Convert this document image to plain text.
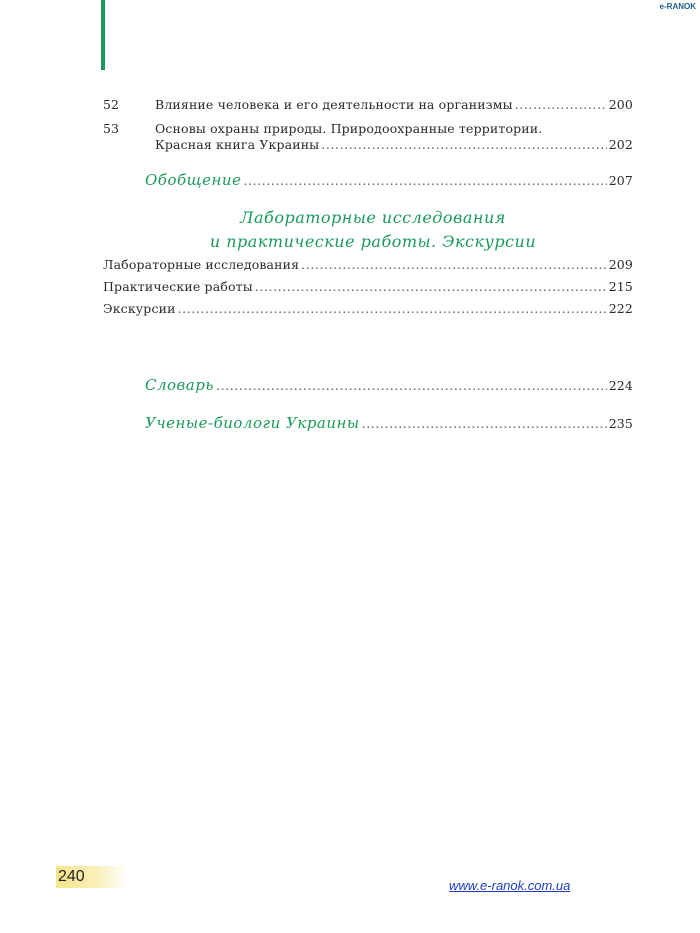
e-RANOK
52	Влияние человека и его деятельности на организмы .....	200
53	Основы охраны природы. Природоохранные территории.
Красная книга Украины .....	202
Обобщение .....	207
Лабораторные исследования
и практические работы. Экскурсии
Лабораторные исследования .....	209
Практические работы .....	215
Экскурсии .....	222
Словарь .....	224
Ученые-биологи Украины .....	235
240
www.e-ranok.com.ua
